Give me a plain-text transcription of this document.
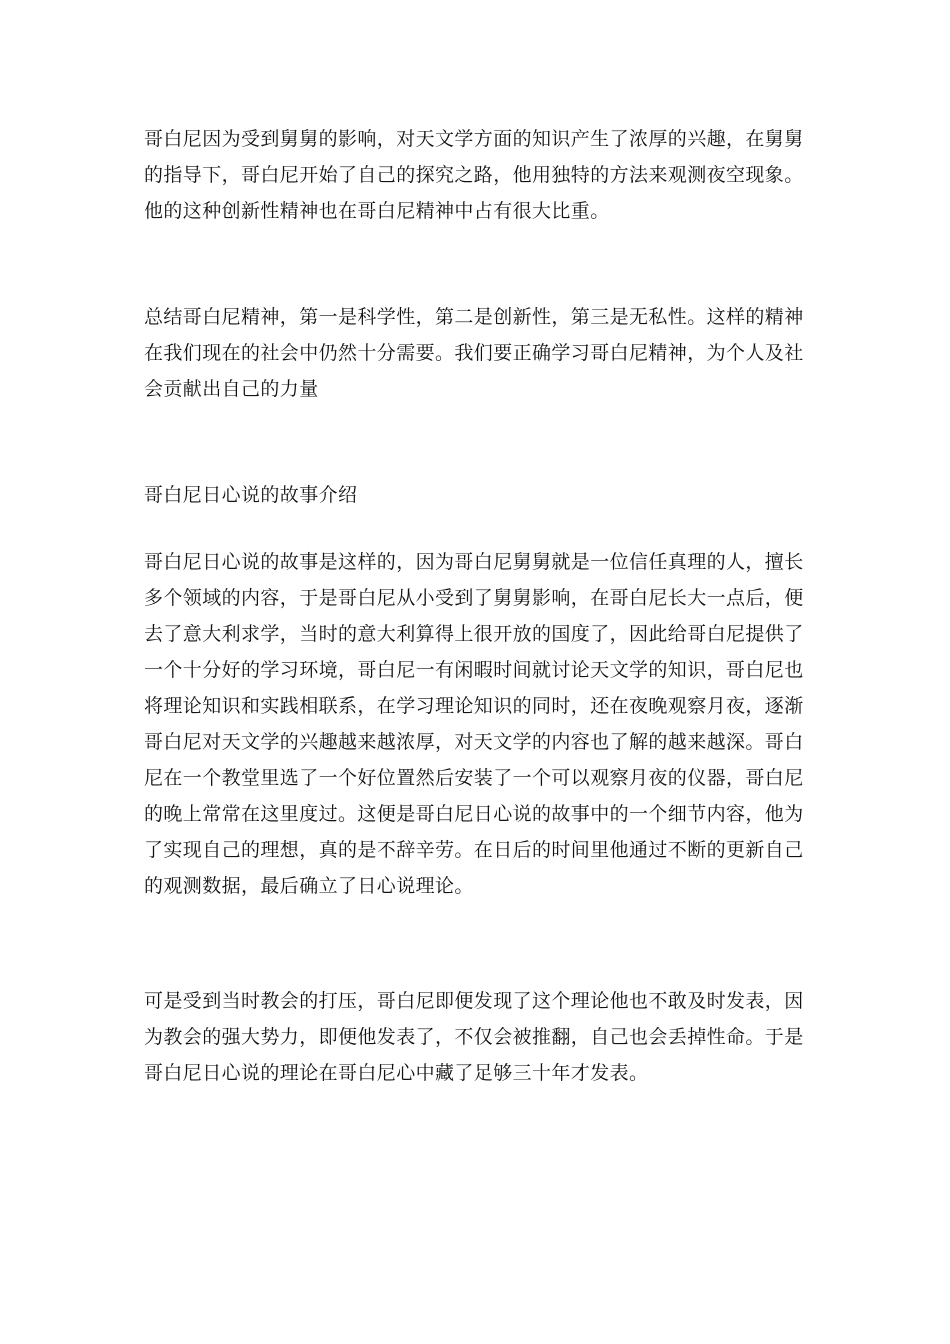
哥白尼因为受到舅舅的影响，对天文学方面的知识产生了浓厚的兴趣，在舅舅
的指导下，哥白尼开始了自己的探究之路，他用独特的方法来观测夜空现象。
他的这种创新性精神也在哥白尼精神中占有很大比重。
总结哥白尼精神，第一是科学性，第二是创新性，第三是无私性。这样的精神
在我们现在的社会中仍然十分需要。我们要正确学习哥白尼精神，为个人及社
会贡献出自己的力量
哥白尼日心说的故事介绍
哥白尼日心说的故事是这样的，因为哥白尼舅舅就是一位信任真理的人，擅长
多个领域的内容，于是哥白尼从小受到了舅舅影响，在哥白尼长大一点后，便
去了意大利求学，当时的意大利算得上很开放的国度了，因此给哥白尼提供了
一个十分好的学习环境，哥白尼一有闲暇时间就讨论天文学的知识，哥白尼也
将理论知识和实践相联系，在学习理论知识的同时，还在夜晚观察月夜，逐渐
哥白尼对天文学的兴趣越来越浓厚，对天文学的内容也了解的越来越深。哥白
尼在一个教堂里选了一个好位置然后安装了一个可以观察月夜的仪器，哥白尼
的晚上常常在这里度过。这便是哥白尼日心说的故事中的一个细节内容，他为
了实现自己的理想，真的是不辞辛劳。在日后的时间里他通过不断的更新自己
的观测数据，最后确立了日心说理论。
可是受到当时教会的打压，哥白尼即便发现了这个理论他也不敢及时发表，因
为教会的强大势力，即便他发表了，不仅会被推翻，自己也会丢掉性命。于是
哥白尼日心说的理论在哥白尼心中藏了足够三十年才发表。
